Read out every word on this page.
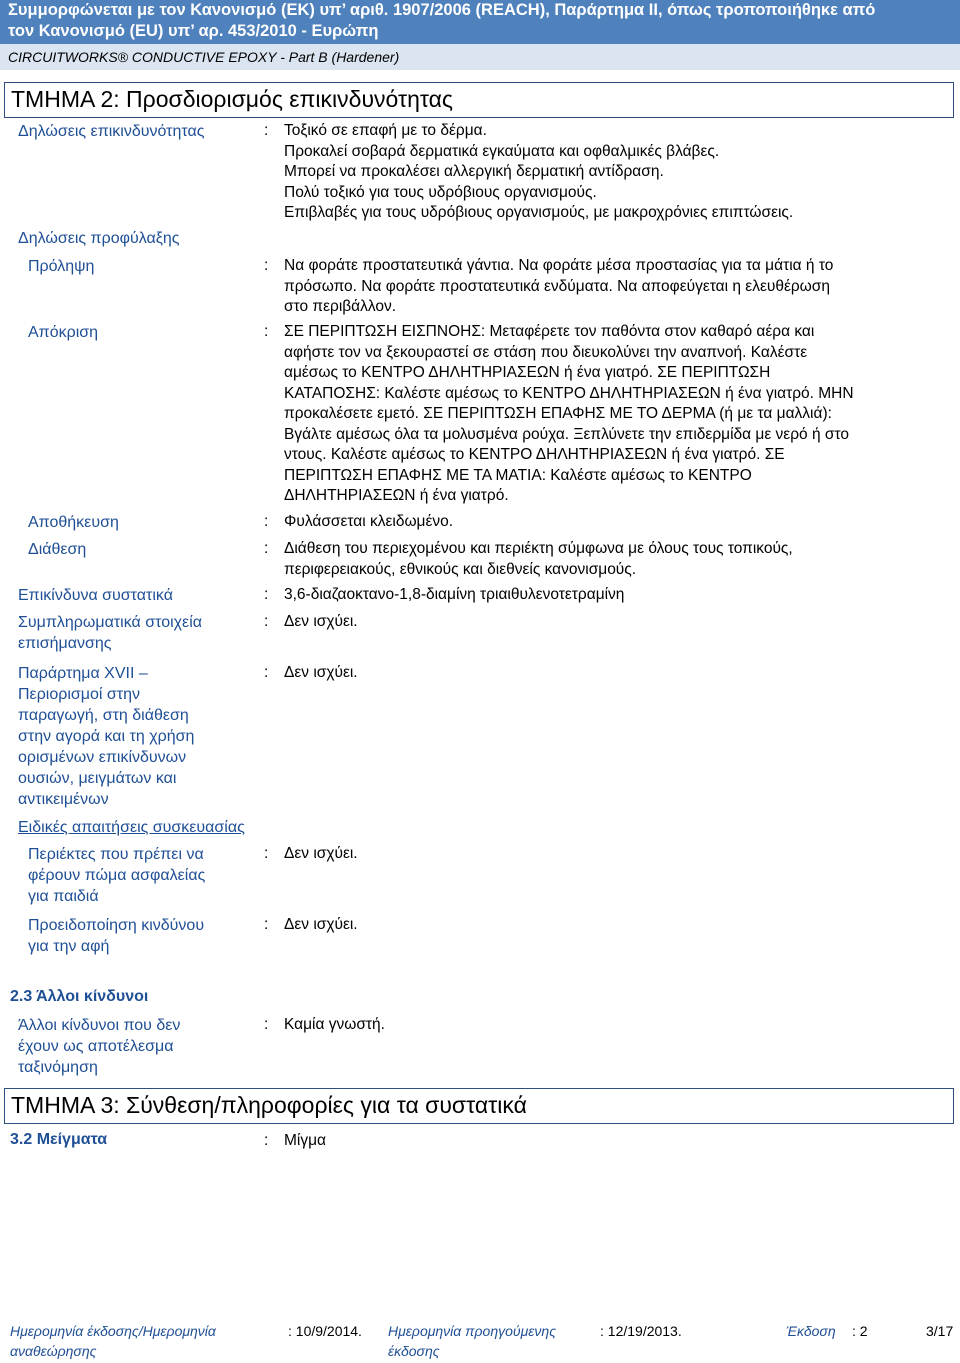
Συμμορφώνεται με τον Κανονισμό (ΕΚ) υπ’ αριθ. 1907/2006 (REACH), Παράρτημα II, όπως τροποποιήθηκε από
τον Κανονισμό (EU) υπ’ αρ. 453/2010 - Ευρώπη
CIRCUITWORKS® CONDUCTIVE EPOXY - Part B (Hardener)
ΤΜΗΜΑ 2: Προσδιορισμός επικινδυνότητας
Δηλώσεις επικινδυνότητας	: Τοξικό σε επαφή με το δέρμα.
Προκαλεί σοβαρά δερματικά εγκαύματα και οφθαλμικές βλάβες.
Μπορεί να προκαλέσει αλλεργική δερματική αντίδραση.
Πολύ τοξικό για τους υδρόβιους οργανισμούς.
Επιβλαβές για τους υδρόβιους οργανισμούς, με μακροχρόνιες επιπτώσεις.
Δηλώσεις προφύλαξης
Πρόληψη	: Να φοράτε προστατευτικά γάντια. Να φοράτε μέσα προστασίας για τα μάτια ή το
πρόσωπο. Να φοράτε προστατευτικά ενδύματα. Να αποφεύγεται η ελευθέρωση
στο περιβάλλον.
Απόκριση	: ΣΕ ΠΕΡΙΠΤΩΣΗ ΕΙΣΠΝΟΗΣ: Μεταφέρετε τον παθόντα στον καθαρό αέρα και
αφήστε τον να ξεκουραστεί σε στάση που διευκολύνει την αναπνοή. Καλέστε
αμέσως το ΚΕΝΤΡΟ ΔΗΛΗΤΗΡΙΑΣΕΩΝ ή ένα γιατρό. ΣΕ ΠΕΡΙΠΤΩΣΗ
ΚΑΤΑΠΟΣΗΣ: Καλέστε αμέσως το ΚΕΝΤΡΟ ΔΗΛΗΤΗΡΙΑΣΕΩΝ ή ένα γιατρό. ΜΗΝ
προκαλέσετε εμετό. ΣΕ ΠΕΡΙΠΤΩΣΗ ΕΠΑΦΗΣ ΜΕ ΤΟ ΔΕΡΜΑ (ή με τα μαλλιά):
Βγάλτε αμέσως όλα τα μολυσμένα ρούχα. Ξεπλύνετε την επιδερμίδα με νερό ή στο
ντους. Καλέστε αμέσως το ΚΕΝΤΡΟ ΔΗΛΗΤΗΡΙΑΣΕΩΝ ή ένα γιατρό. ΣΕ
ΠΕΡΙΠΤΩΣΗ ΕΠΑΦΗΣ ΜΕ ΤΑ ΜΑΤΙΑ: Καλέστε αμέσως το ΚΕΝΤΡΟ
ΔΗΛΗΤΗΡΙΑΣΕΩΝ ή ένα γιατρό.
Αποθήκευση	: Φυλάσσεται κλειδωμένο.
Διάθεση	: Διάθεση του περιεχομένου και περιέκτη σύμφωνα με όλους τους τοπικούς,
περιφερειακούς, εθνικούς και διεθνείς κανονισμούς.
Επικίνδυνα συστατικά	: 3,6-διαζαοκτανο-1,8-διαμίνη τριαιθυλενοτετραμίνη
Συμπληρωματικά στοιχεία
επισήμανσης
: Δεν ισχύει.
Παράρτημα XVII –
Περιορισμοί στην
παραγωγή, στη διάθεση
στην αγορά και τη χρήση
ορισμένων επικίνδυνων
ουσιών, μειγμάτων και
αντικειμένων
: Δεν ισχύει.
Ειδικές απαιτήσεις συσκευασίας
Περιέκτες που πρέπει να
φέρουν πώμα ασφαλείας
για παιδιά
: Δεν ισχύει.
Προειδοποίηση κινδύνου
για την αφή
: Δεν ισχύει.
2.3 Άλλοι κίνδυνοι
Άλλοι κίνδυνοι που δεν
έχουν ως αποτέλεσμα
ταξινόμηση
: Καμία γνωστή.
ΤΜΗΜΑ 3: Σύνθεση/πληροφορίες για τα συστατικά
3.2 Μείγματα	: Μίγμα
Ημερομηνία έκδοσης/Ημερομηνία
αναθεώρησης
: 10/9/2014. Ημερομηνία προηγούμενης
έκδοσης
: 12/19/2013.	Έκδοση : 2	3/17
